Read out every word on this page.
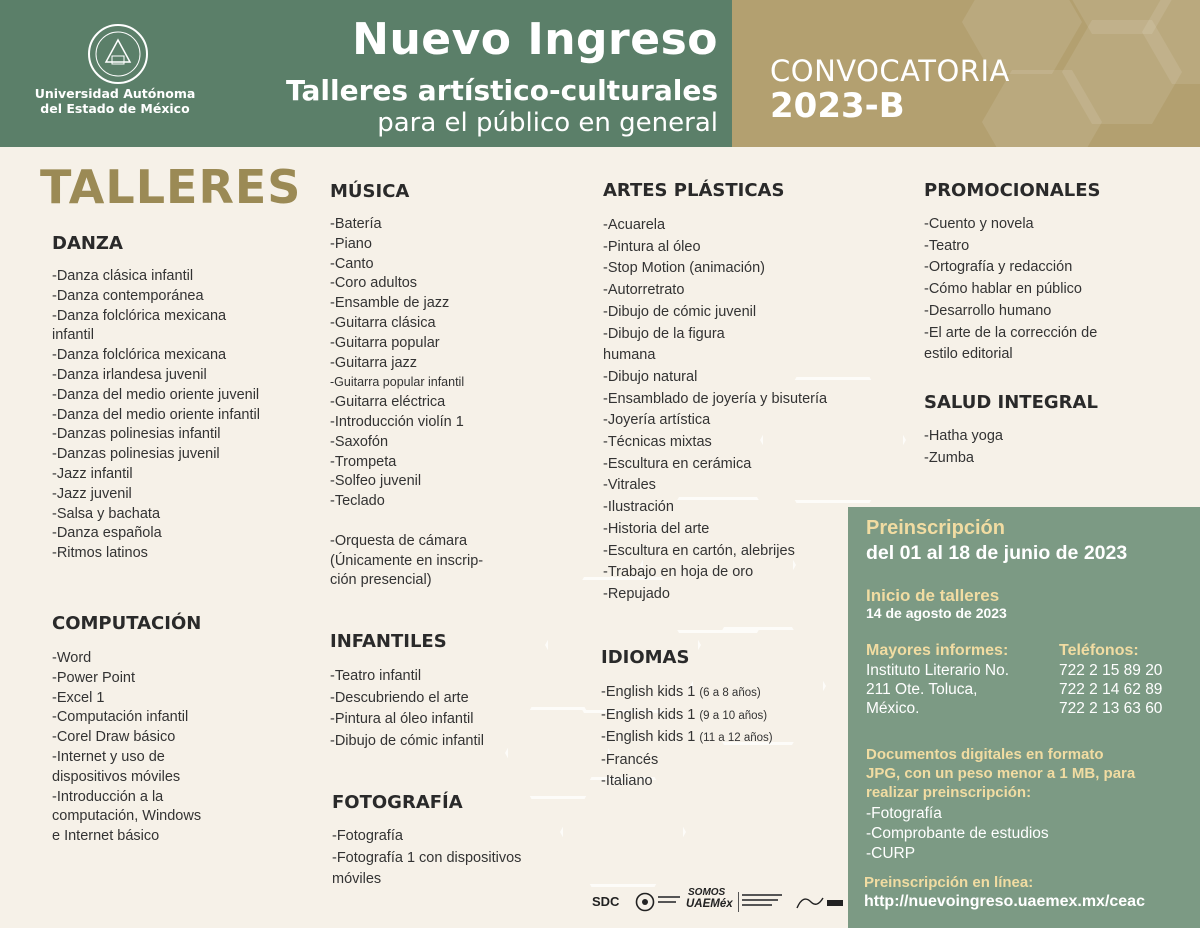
Universidad Autónoma
del Estado de México
Nuevo Ingreso
Talleres artístico-culturales
para el público en general
CONVOCATORIA
2023-B
TALLERES
DANZA
-Danza clásica infantil
-Danza contemporánea
-Danza folclórica mexicana
infantil
-Danza folclórica mexicana
-Danza irlandesa juvenil
-Danza del medio oriente juvenil
-Danza del medio oriente infantil
-Danzas polinesias infantil
-Danzas polinesias juvenil
-Jazz infantil
-Jazz juvenil
-Salsa y bachata
-Danza española
-Ritmos latinos
COMPUTACIÓN
-Word
-Power Point
-Excel 1
-Computación infantil
-Corel Draw básico
-Internet y uso de
dispositivos móviles
-Introducción a la
computación, Windows
e Internet básico
MÚSICA
-Batería
-Piano
-Canto
-Coro adultos
-Ensamble de jazz
-Guitarra clásica
-Guitarra popular
-Guitarra jazz
-Guitarra popular infantil
-Guitarra eléctrica
-Introducción violín 1
-Saxofón
-Trompeta
-Solfeo juvenil
-Teclado

-Orquesta de cámara
(Únicamente en inscrip-
ción presencial)
INFANTILES
-Teatro infantil
-Descubriendo el arte
-Pintura al óleo infantil
-Dibujo de cómic infantil
FOTOGRAFÍA
-Fotografía
-Fotografía 1 con dispositivos
móviles
ARTES PLÁSTICAS
-Acuarela
-Pintura al óleo
-Stop Motion (animación)
-Autorretrato
-Dibujo de cómic juvenil
-Dibujo de la figura
humana
-Dibujo natural
-Ensamblado de joyería y bisutería
-Joyería artística
-Técnicas mixtas
-Escultura en cerámica
-Vitrales
-Ilustración
-Historia del arte
-Escultura en cartón, alebrijes
-Trabajo en hoja de oro
-Repujado
IDIOMAS
-English kids 1 (6 a 8 años)
-English kids 1 (9 a 10 años)
-English kids 1 (11 a 12 años)
-Francés
-Italiano
PROMOCIONALES
-Cuento y novela
-Teatro
-Ortografía y redacción
-Cómo hablar en público
-Desarrollo humano
-El arte de la corrección de
estilo editorial
SALUD INTEGRAL
-Hatha yoga
-Zumba
Preinscripción
del 01 al 18 de junio de 2023
Inicio de talleres
14 de agosto de 2023
Mayores informes:
Instituto Literario No.
211 Ote. Toluca,
México.
Teléfonos:
722 2 15 89 20
722 2 14 62 89
722 2 13 63 60
Documentos digitales en formato
JPG, con un peso menor a 1 MB, para
realizar preinscripción:
-Fotografía
-Comprobante de estudios
-CURP
Preinscripción en línea:
http://nuevoingreso.uaemex.mx/ceac
SDC
SOMOS
UAEMéx
